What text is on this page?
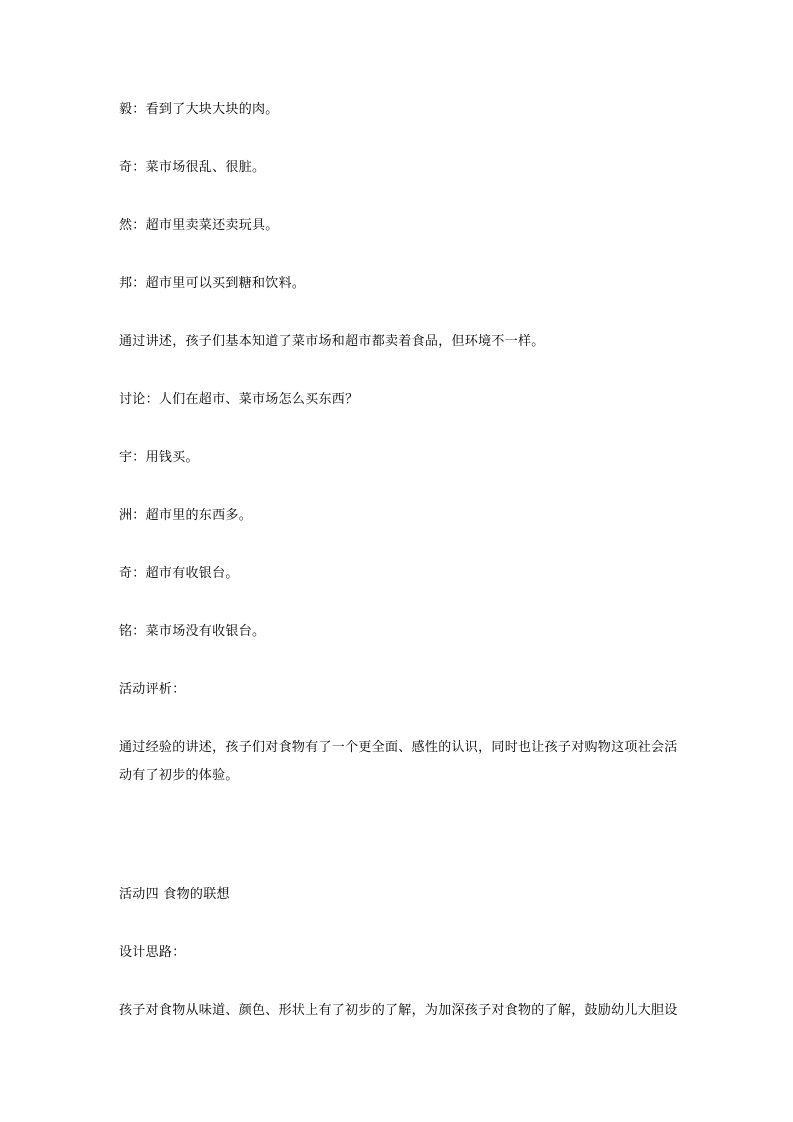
毅：看到了大块大块的肉。
奇：菜市场很乱、很脏。
然：超市里卖菜还卖玩具。
邦：超市里可以买到糖和饮料。
通过讲述，孩子们基本知道了菜市场和超市都卖着食品，但环境不一样。
讨论：人们在超市、菜市场怎么买东西？
宇：用钱买。
洲：超市里的东西多。
奇：超市有收银台。
铭：菜市场没有收银台。
活动评析：
通过经验的讲述，孩子们对食物有了一个更全面、感性的认识，同时也让孩子对购物这项社会活动有了初步的体验。
活动四 食物的联想
设计思路：
孩子对食物从味道、颜色、形状上有了初步的了解，为加深孩子对食物的了解，鼓励幼儿大胆设
